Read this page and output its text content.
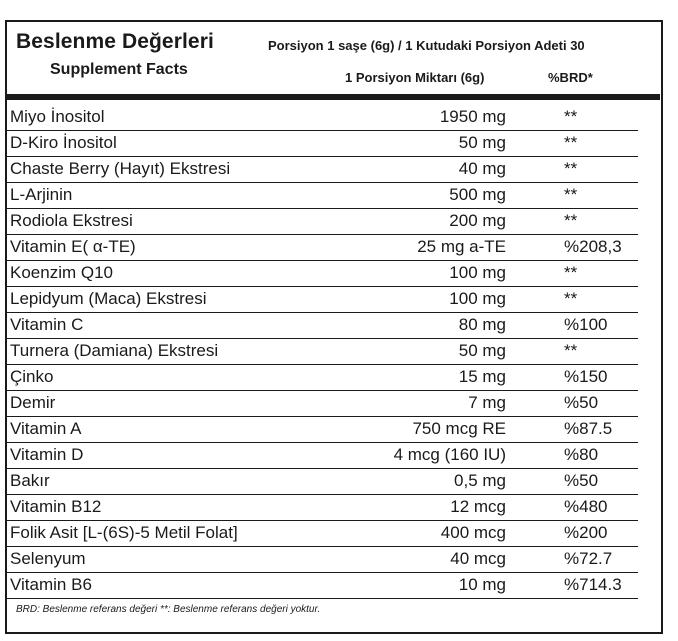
Beslenme Değerleri
Supplement Facts
Porsiyon 1 saşe (6g) / 1 Kutudaki Porsiyon Adeti 30
1 Porsiyon Miktarı (6g)	%BRD*
Miyo İnositol	1950 mg	**
D-Kiro İnositol	50 mg	**
Chaste Berry (Hayıt) Ekstresi	40 mg	**
L-Arjinin	500 mg	**
Rodiola Ekstresi	200 mg	**
Vitamin E( α-TE)	25 mg a-TE	%208,3
Koenzim Q10	100 mg	**
Lepidyum (Maca) Ekstresi	100 mg	**
Vitamin C	80 mg	%100
Turnera (Damiana) Ekstresi	50 mg	**
Çinko	15 mg	%150
Demir	7 mg	%50
Vitamin A	750 mcg RE	%87.5
Vitamin D	4 mcg (160 IU)	%80
Bakır	0,5 mg	%50
Vitamin B12	12 mcg	%480
Folik Asit [L-(6S)-5 Metil Folat]	400 mcg	%200
Selenyum	40 mcg	%72.7
Vitamin B6	10 mg	%714.3
BRD: Beslenme referans değeri **: Beslenme referans değeri yoktur.
